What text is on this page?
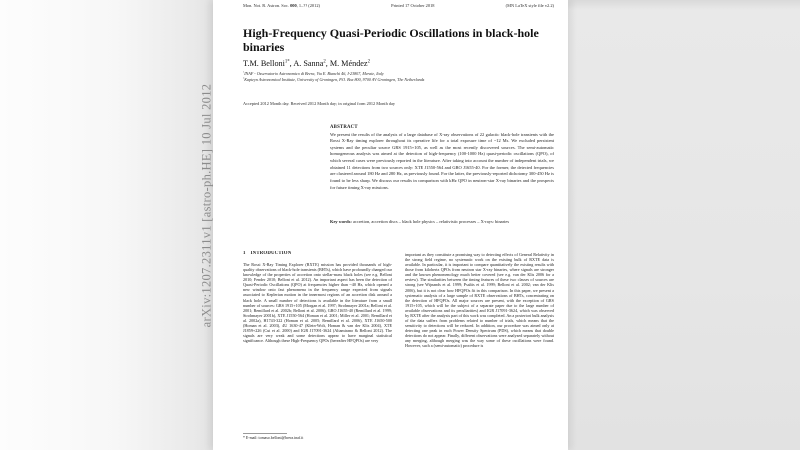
arXiv:1207.2311v1 [astro-ph.HE] 10 Jul 2012
Mon. Not. R. Astron. Soc. 000, 1–?? (2012)	Printed 17 October 2018	(MN LaTeX style file v2.2)
High-Frequency Quasi-Periodic Oscillations in black-hole
binaries
T.M. Belloni$^{1*}$, A. Sanna$^2$, M. Méndez$^2$
$^1$INAF - Osservatorio Astronomico di Brera, Via E. Bianchi 46, I-23807, Merate, Italy
$^2$Kapteyn Astronomical Institute, University of Groningen, P.O. Box 800, 9700 AV Groningen, The Netherlands
Accepted 2012 Month day. Received 2012 Month day; in original form 2012 Month day
ABSTRACT
We present the results of the analysis of a large database of X-ray observations of 22 galactic black-hole transients with the Rossi X-Ray timing explorer throughout its operative life for a total exposure time of ~12 Ms. We excluded persistent systems and the peculiar source GRS 1915+105, as well as the most recently discovered sources. The semi-automatic homogeneous analysis was aimed at the detection of high-frequency (100-1000 Hz) quasi-periodic oscillations (QPO), of which several cases were previously reported in the literature. After taking into account the number of independent trials, we obtained 11 detections from two sources only: XTE J1550-564 and GRO J1655-40. For the former, the detected frequencies are clustered around 180 Hz and 280 Hz, as previously found. For the latter, the previously-reported dichotomy 300-450 Hz is found to be less sharp. We discuss our results in comparison with kHz QPO in neutron-star X-ray binaries and the prospects for future timing X-ray missions.
Key words: accretion, accretion discs – black hole physics – relativistic processes – X-rays: binaries
1 INTRODUCTION
The Rossi X-Ray Timing Explorer (RXTE) mission has provided thousands of high-quality observations of black-hole transients (BHTs), which have profoundly changed our knowledge of the properties of accretion onto stellar-mass black holes (see e.g. Belloni 2010; Fender 2010; Belloni et al. 2012). An important aspect has been the detection of Quasi-Periodic Oscillations (QPO) at frequencies higher than ~40 Hz, which opened a new window onto fast phenomena in the frequency range expected from signals associated to Keplerian motion in the innermost regions of an accretion disk around a black hole. A small number of detections is available in the literature from a small number of sources: GRS 1915+105 (Morgan et al. 1997; Strohmayer 2001a; Belloni et al. 2001; Remillard et al. 2002b; Belloni et al. 2006), GRO J1655-40 (Remillard et al. 1999; Strohmayer 2001b), XTE J1550-564 (Homan et al. 2001; Miller et al. 2001; Remillard et al. 2002a), H1743-322 (Homan et al. 2005; Remillard et al. 2006), XTE J1650-500 (Homan et al. 2003), 4U 1630-47 (Klein-Wolt, Homan & van der Klis 2004), XTE J1859+226 (Cui et al. 2000) and IGR J17091-3624 (Altamirano & Belloni 2012). The signals are very weak and some detections appear to have marginal statistical significance. Although these High-Frequency QPOs (hereafter HFQPOs) are very
important as they constitute a promising way to detecting effects of General Relativity in the strong field regime, no systematic work on the existing bulk of RXTE data is available. In particular, it is important to compare quantitatively the existing results with those from kilohertz QPOs from neutron star X-ray binaries, where signals are stronger and the known phenomenology much better covered (see e.g. van der Klis 2006 for a review). The similarities between the timing features of these two classes of sources are strong (see Wijnands et al. 1999; Psaltis et al. 1999; Belloni et al. 2002; van der Klis 2006), but it is not clear how HFQPOs fit in this comparison. In this paper, we present a systematic analysis of a large sample of RXTE observations of BHTs, concentrating on the detection of HFQPOs. All major sources are present, with the exception of GRS 1915+105, which will be the subject of a separate paper due to the large number of available observations and its peculiarities) and IGR J17091-3624, which was observed by RXTE after the analysis part of this work was completed. An a posteriori bulk analysis of the data suffers from problems related to number of trials, which means that the sensitivity to detections will be reduced. In addition, our procedure was aimed only at detecting one peak in each Power Density Spectrum (PDS), which means that double detections do not appear. Finally, different observations were analyzed separately without any merging, although merging was the way some of these oscillations were found. However, such a (semi-automatic) procedure is
* E-mail: tomaso.belloni@brera.inaf.it
